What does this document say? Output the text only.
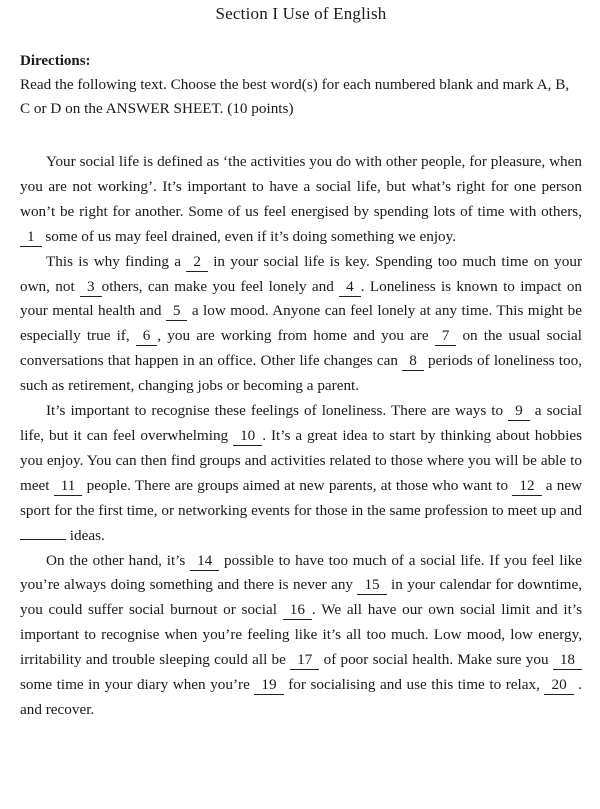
Section I Use of English
Directions:
Read the following text. Choose the best word(s) for each numbered blank and mark A, B, C or D on the ANSWER SHEET. (10 points)

Your social life is defined as ‘the activities you do with other people, for pleasure, when you are not working’. It’s important to have a social life, but what’s right for one person won’t be right for another. Some of us feel energised by spending lots of time with others, 1 some of us may feel drained, even if it’s doing something we enjoy.

This is why finding a 2 in your social life is key. Spending too much time on your own, not 3 others, can make you feel lonely and 4 . Loneliness is known to impact on your mental health and 5 a low mood. Anyone can feel lonely at any time. This might be especially true if, 6 , you are working from home and you are 7 on the usual social conversations that happen in an office. Other life changes can 8 periods of loneliness too, such as retirement, changing jobs or becoming a parent.

It’s important to recognise these feelings of loneliness. There are ways to 9 a social life, but it can feel overwhelming 10 . It’s a great idea to start by thinking about hobbies you enjoy. You can then find groups and activities related to those where you will be able to meet 11 people. There are groups aimed at new parents, at those who want to 12 a new sport for the first time, or networking events for those in the same profession to meet up and  ideas.

On the other hand, it’s 14 possible to have too much of a social life. If you feel like you’re always doing something and there is never any 15 in your calendar for downtime, you could suffer social burnout or social 16 . We all have our own social limit and it’s important to recognise when you’re feeling like it’s all too much. Low mood, low energy, irritability and trouble sleeping could all be 17 of poor social health. Make sure you 18 some time in your diary when you’re 19 for socialising and use this time to relax, 20 . and recover.
